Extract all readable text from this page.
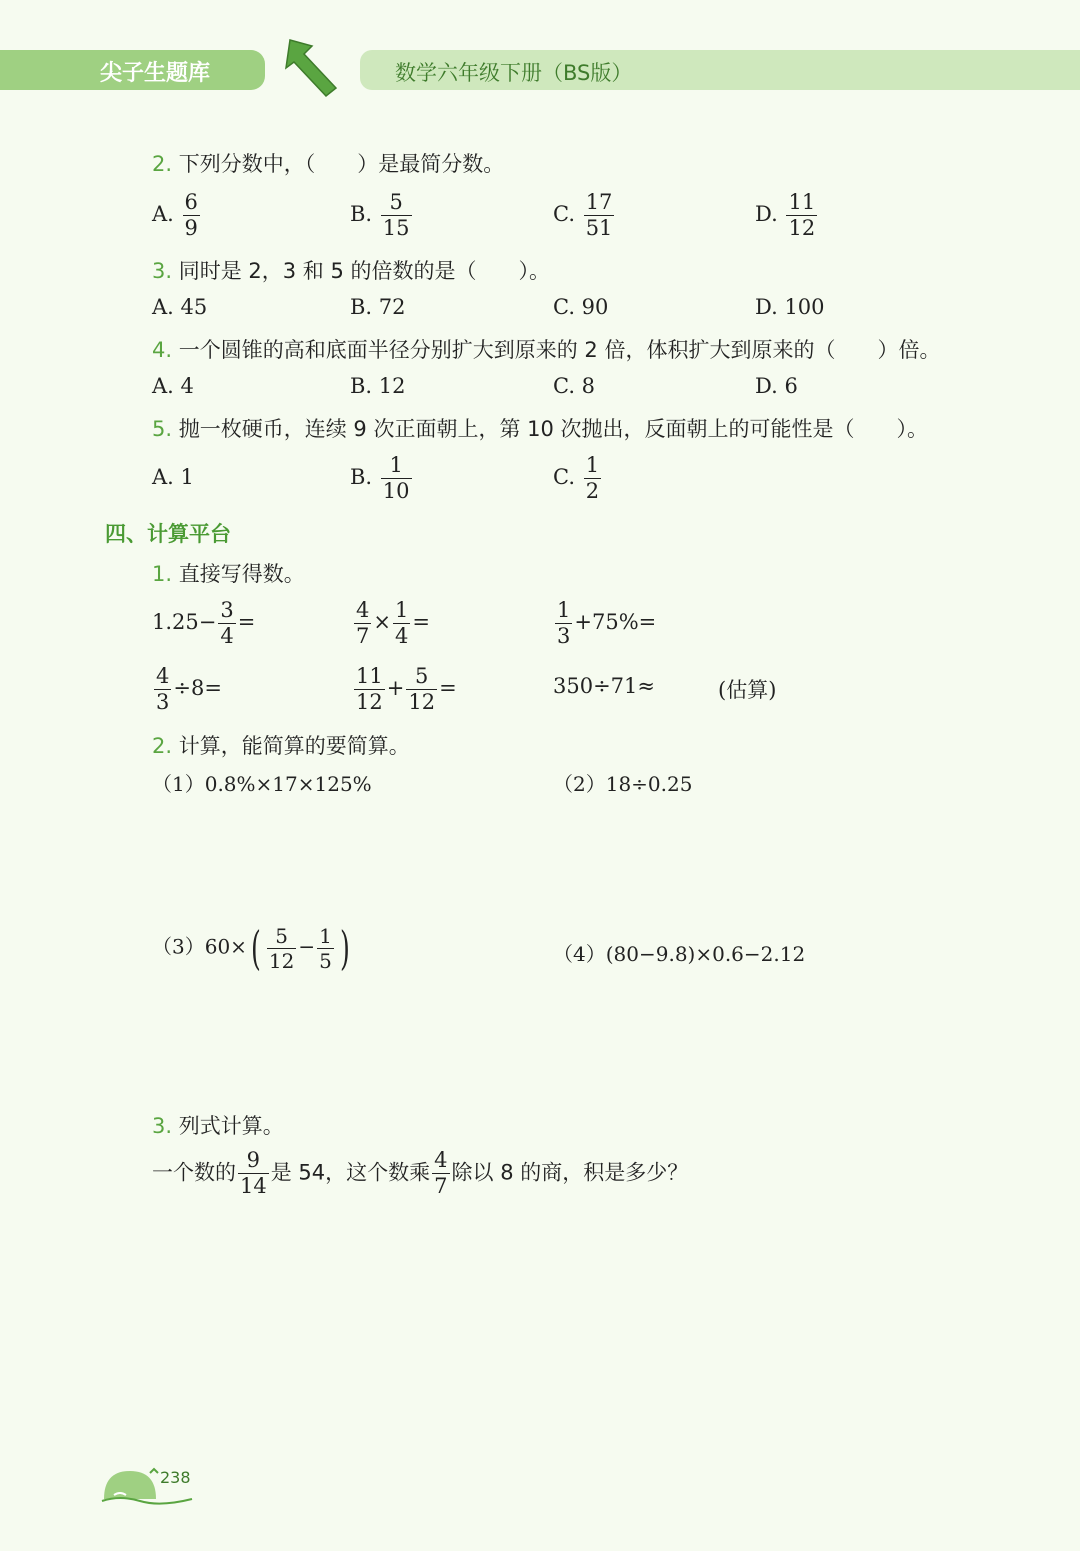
尖子生题库	数学六年级下册（BS版）
2. 下列分数中，（　　）是最简分数。
A. $\frac{6}{9}$	B. $\frac{5}{15}$	C. $\frac{17}{51}$	D. $\frac{11}{12}$
3. 同时是 2，3 和 5 的倍数的是（　　）。
A. 45	B. 72	C. 90	D. 100
4. 一个圆锥的高和底面半径分别扩大到原来的 2 倍，体积扩大到原来的（　　）倍。
A. 4	B. 12	C. 8	D. 6
5. 抛一枚硬币，连续 9 次正面朝上，第 10 次抛出，反面朝上的可能性是（　　）。
A. 1	B. $\frac{1}{10}$	C. $\frac{1}{2}$
四、计算平台
1. 直接写得数。
$1.25- \frac{3}{4}$ =	$\frac{4}{7} \times \frac{1}{4}$ =	$\frac{1}{3} +75\%=$
$\frac{4}{3} \div 8=$	$\frac{11}{12} + \frac{5}{12}$ =	350÷71≈	(估算)
2. 计算，能简算的要简算。
（1）0.8%×17×125%	（2）18÷0.25
$(3)60\times( \frac{5}{12} - \frac{1}{5}$ )	（4）(80−9.8)×0.6−2.12
3. 列式计算。
一个数的 $\frac{9}{14}$ 是 54，这个数乘 $\frac{4}{7}$ 除以 8 的商，积是多少？
238
